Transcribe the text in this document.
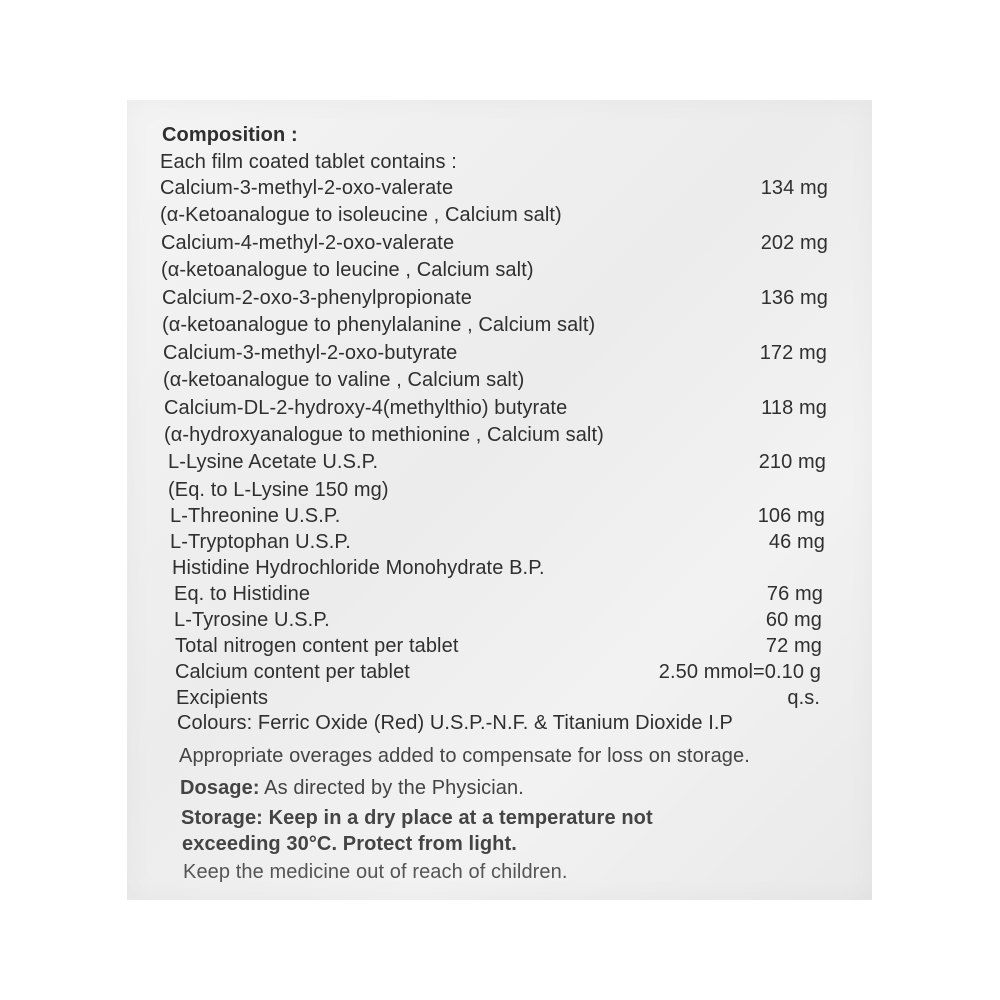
Composition :
Each film coated tablet contains :
Calcium-3-methyl-2-oxo-valerate	134 mg
(α-Ketoanalogue to isoleucine , Calcium salt)
Calcium-4-methyl-2-oxo-valerate	202 mg
(α-ketoanalogue to leucine , Calcium salt)
Calcium-2-oxo-3-phenylpropionate	136 mg
(α-ketoanalogue to phenylalanine , Calcium salt)
Calcium-3-methyl-2-oxo-butyrate	172 mg
(α-ketoanalogue to valine , Calcium salt)
Calcium-DL-2-hydroxy-4(methylthio) butyrate	118 mg
(α-hydroxyanalogue to methionine , Calcium salt)
L-Lysine Acetate U.S.P.	210 mg
(Eq. to L-Lysine 150 mg)
L-Threonine U.S.P.	106 mg
L-Tryptophan U.S.P.	46 mg
Histidine Hydrochloride Monohydrate B.P.
Eq. to Histidine	76 mg
L-Tyrosine U.S.P.	60 mg
Total nitrogen content per tablet	72 mg
Calcium content per tablet	2.50 mmol=0.10 g
Excipients	q.s.
Colours: Ferric Oxide (Red) U.S.P.-N.F. & Titanium Dioxide I.P
Appropriate overages added to compensate for loss on storage.
Dosage: As directed by the Physician.
Storage: Keep in a dry place at a temperature not
exceeding 30°C. Protect from light.
Keep the medicine out of reach of children.
